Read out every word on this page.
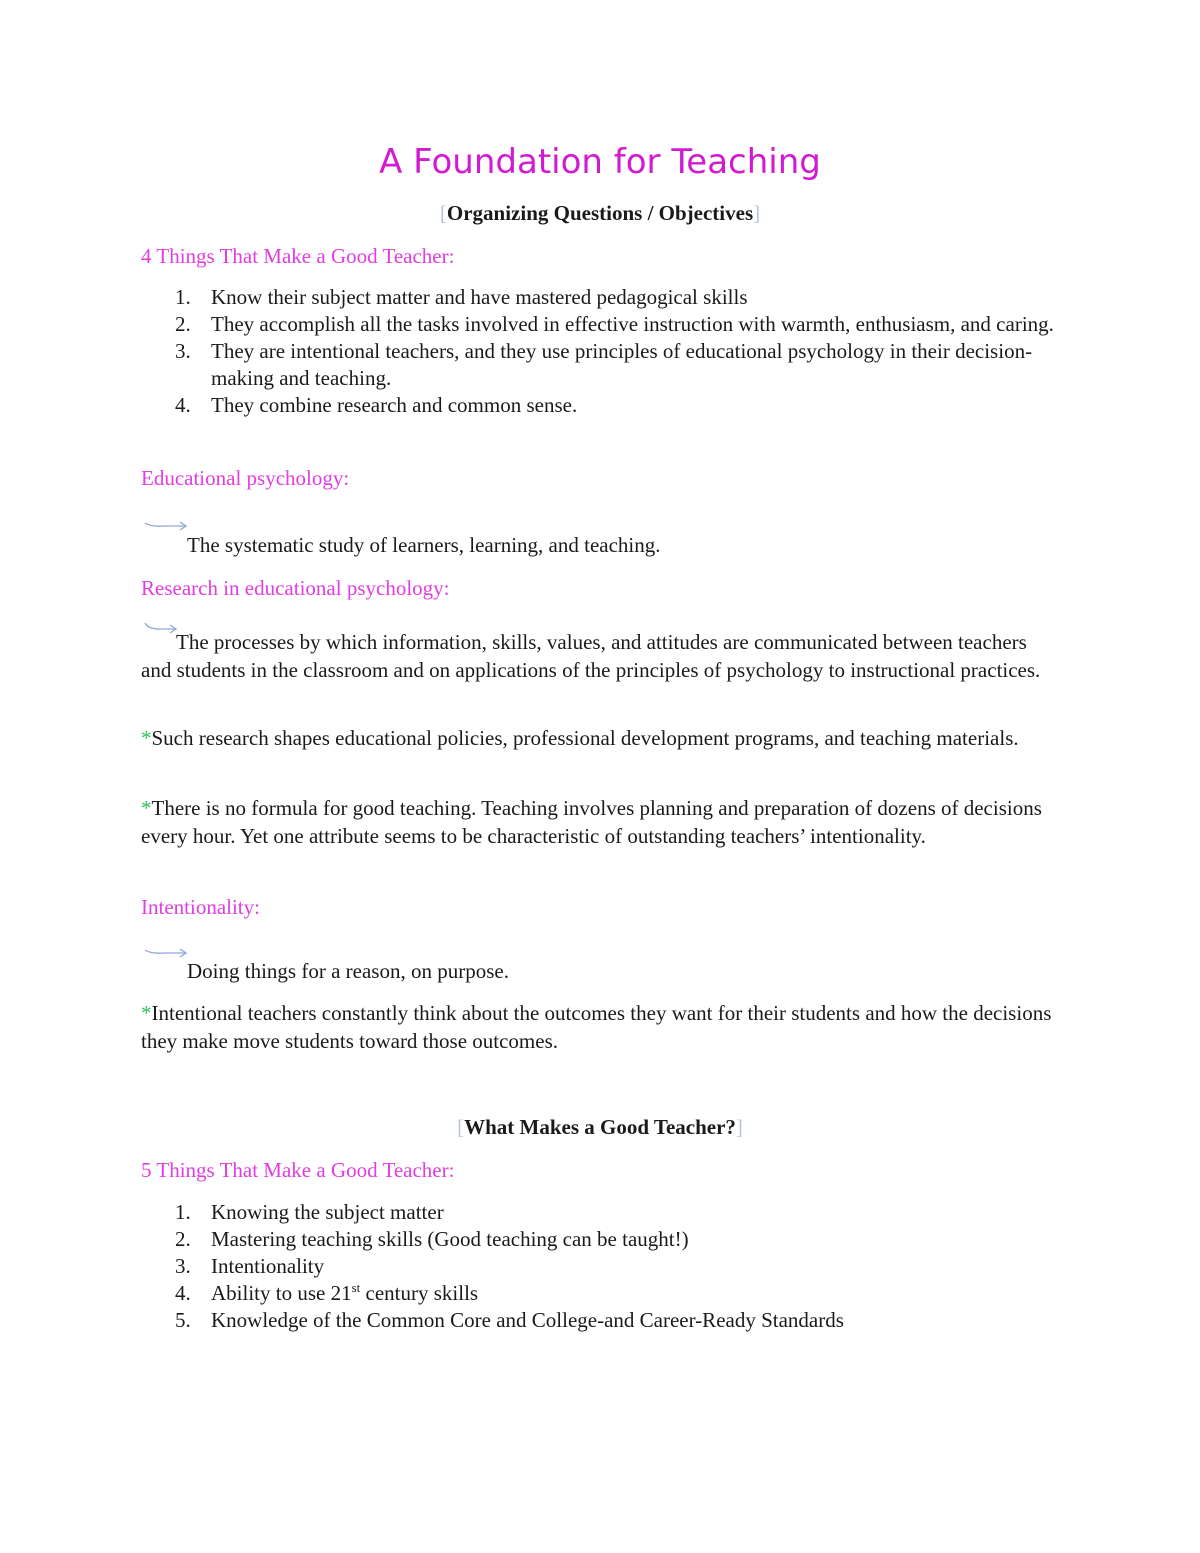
A Foundation for Teaching
[Organizing Questions / Objectives]
4 Things That Make a Good Teacher:
1. Know their subject matter and have mastered pedagogical skills
2. They accomplish all the tasks involved in effective instruction with warmth, enthusiasm, and caring.
3. They are intentional teachers, and they use principles of educational psychology in their decision-making and teaching.
4. They combine research and common sense.
Educational psychology:
The systematic study of learners, learning, and teaching.
Research in educational psychology:
The processes by which information, skills, values, and attitudes are communicated between teachers and students in the classroom and on applications of the principles of psychology to instructional practices.
*Such research shapes educational policies, professional development programs, and teaching materials.
*There is no formula for good teaching. Teaching involves planning and preparation of dozens of decisions every hour. Yet one attribute seems to be characteristic of outstanding teachers’ intentionality.
Intentionality:
Doing things for a reason, on purpose.
*Intentional teachers constantly think about the outcomes they want for their students and how the decisions they make move students toward those outcomes.
[What Makes a Good Teacher?]
5 Things That Make a Good Teacher:
1. Knowing the subject matter
2. Mastering teaching skills (Good teaching can be taught!)
3. Intentionality
4. Ability to use 21st century skills
5. Knowledge of the Common Core and College-and Career-Ready Standards
